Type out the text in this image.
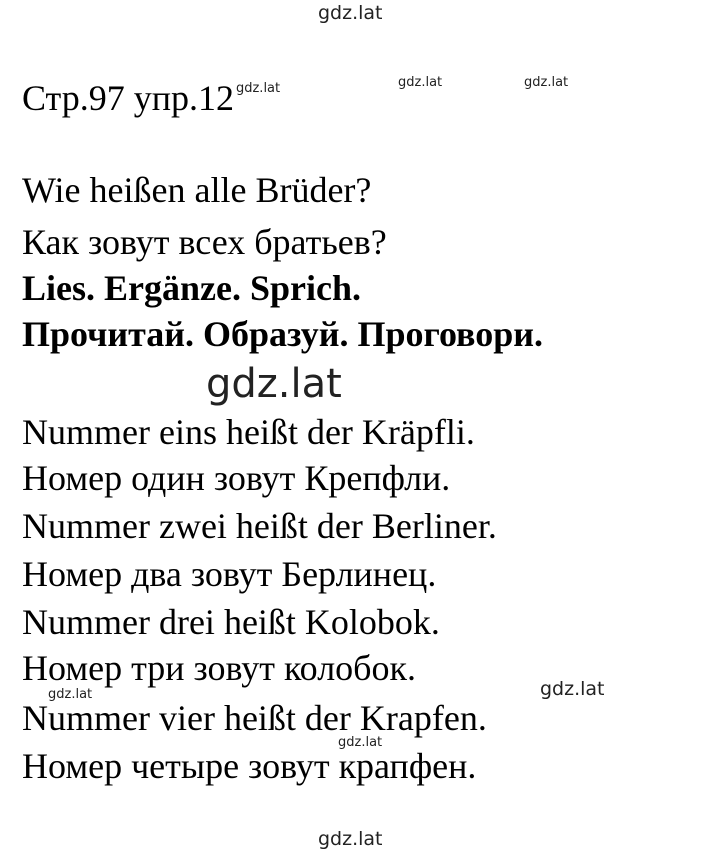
gdz.lat
gdz.lat	gdz.lat
gdz.lat
gdz.lat
gdz.lat
Стр.97 упр.12 $^{gdz.lat}$
Wie heißen alle Brüder?
Как зовут всех братьев?
Lies. Ergänze. Sprich.
Прочитай. Образуй. Проговори.
Nummer eins heißt der Kräpfli.
Номер один зовут Крепфли.
Nummer zwei heißt der Berliner.
Номер два зовут Берлинец.
Nummer drei heißt Kolobok.
Номер три зовут колобок.
Nummer vier heißt der Krapfen.
Номер четыре зовут крапфен.
gdz.lat
gdz.lat
